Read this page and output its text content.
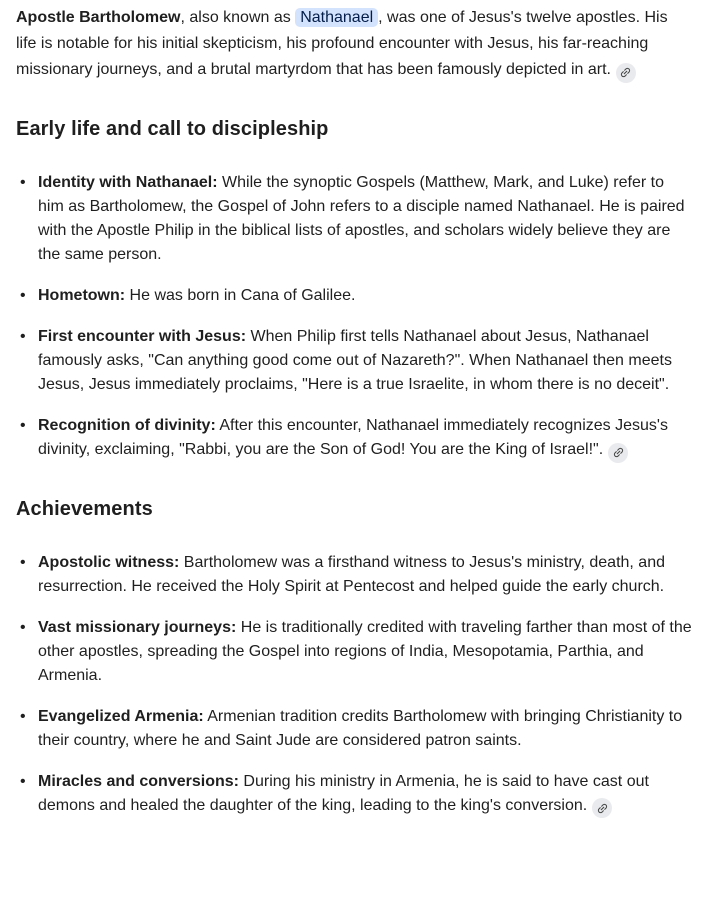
Apostle Bartholomew, also known as Nathanael , was one of Jesus's twelve apostles. His life is notable for his initial skepticism, his profound encounter with Jesus, his far-reaching missionary journeys, and a brutal martyrdom that has been famously depicted in art.

Early life and call to discipleship
• Identity with Nathanael: While the synoptic Gospels (Matthew, Mark, and Luke) refer to him as Bartholomew, the Gospel of John refers to a disciple named Nathanael. He is paired with the Apostle Philip in the biblical lists of apostles, and scholars widely believe they are the same person.
• Hometown: He was born in Cana of Galilee.
• First encounter with Jesus: When Philip first tells Nathanael about Jesus, Nathanael famously asks, "Can anything good come out of Nazareth?". When Nathanael then meets Jesus, Jesus immediately proclaims, "Here is a true Israelite, in whom there is no deceit".
• Recognition of divinity: After this encounter, Nathanael immediately recognizes Jesus's divinity, exclaiming, "Rabbi, you are the Son of God! You are the King of Israel!".
Achievements
• Apostolic witness: Bartholomew was a firsthand witness to Jesus's ministry, death, and resurrection. He received the Holy Spirit at Pentecost and helped guide the early church.
• Vast missionary journeys: He is traditionally credited with traveling farther than most of the other apostles, spreading the Gospel into regions of India, Mesopotamia, Parthia, and Armenia.
• Evangelized Armenia: Armenian tradition credits Bartholomew with bringing Christianity to their country, where he and Saint Jude are considered patron saints.
• Miracles and conversions: During his ministry in Armenia, he is said to have cast out demons and healed the daughter of the king, leading to the king's conversion.
